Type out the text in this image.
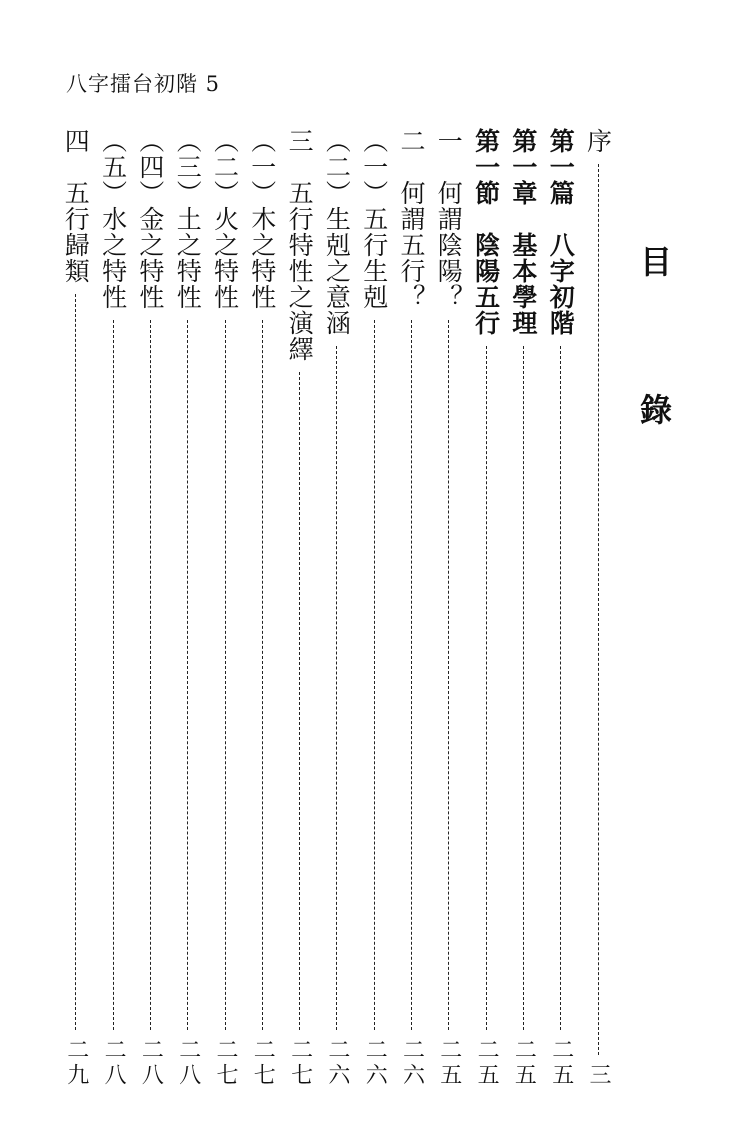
八字擂台初階 5
目
錄
序
三
第一篇　八字初階
二五
第一章　基本學理
二五
第一節　陰陽五行
二五
一　何謂陰陽？
二五
二　何謂五行？
二六
（一）五行生剋
二六
（二）生剋之意涵
二六
三　五行特性之演繹
二七
（一）木之特性
二七
（二）火之特性
二七
（三）土之特性
二八
（四）金之特性
二八
（五）水之特性
二八
四　五行歸類
二九
